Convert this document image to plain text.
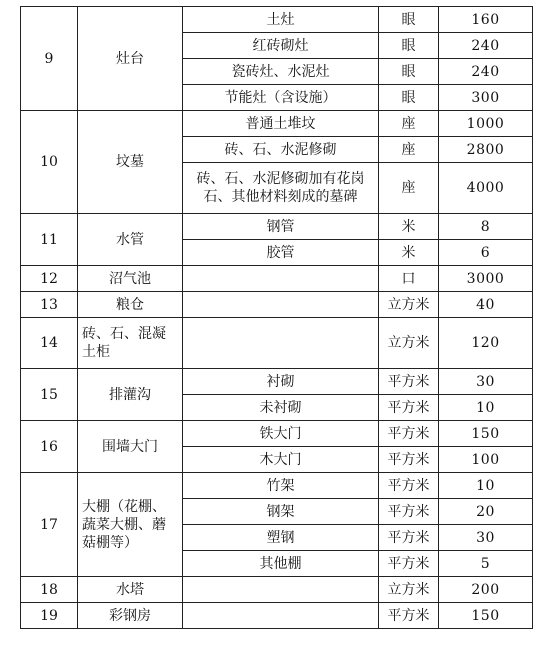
9	灶台	土灶	眼	160
		红砖砌灶	眼	240
		瓷砖灶、水泥灶	眼	240
		节能灶（含设施）	眼	300
10	坟墓	普通土堆坟	座	1000
		砖、石、水泥修砌	座	2800
		砖、石、水泥修砌加有花岗石、其他材料刻成的墓碑	座	4000
11	水管	钢管	米	8
		胶管	米	6
12	沼气池		口	3000
13	粮仓		立方米	40
14	砖、石、混凝土柜		立方米	120
15	排灌沟	衬砌	平方米	30
		未衬砌	平方米	10
16	围墙大门	铁大门	平方米	150
		木大门	平方米	100
17	大棚（花棚、蔬菜大棚、蘑菇棚等）	竹架	平方米	10
		钢架	平方米	20
		塑钢	平方米	30
		其他棚	平方米	5
18	水塔		立方米	200
19	彩钢房		平方米	150
